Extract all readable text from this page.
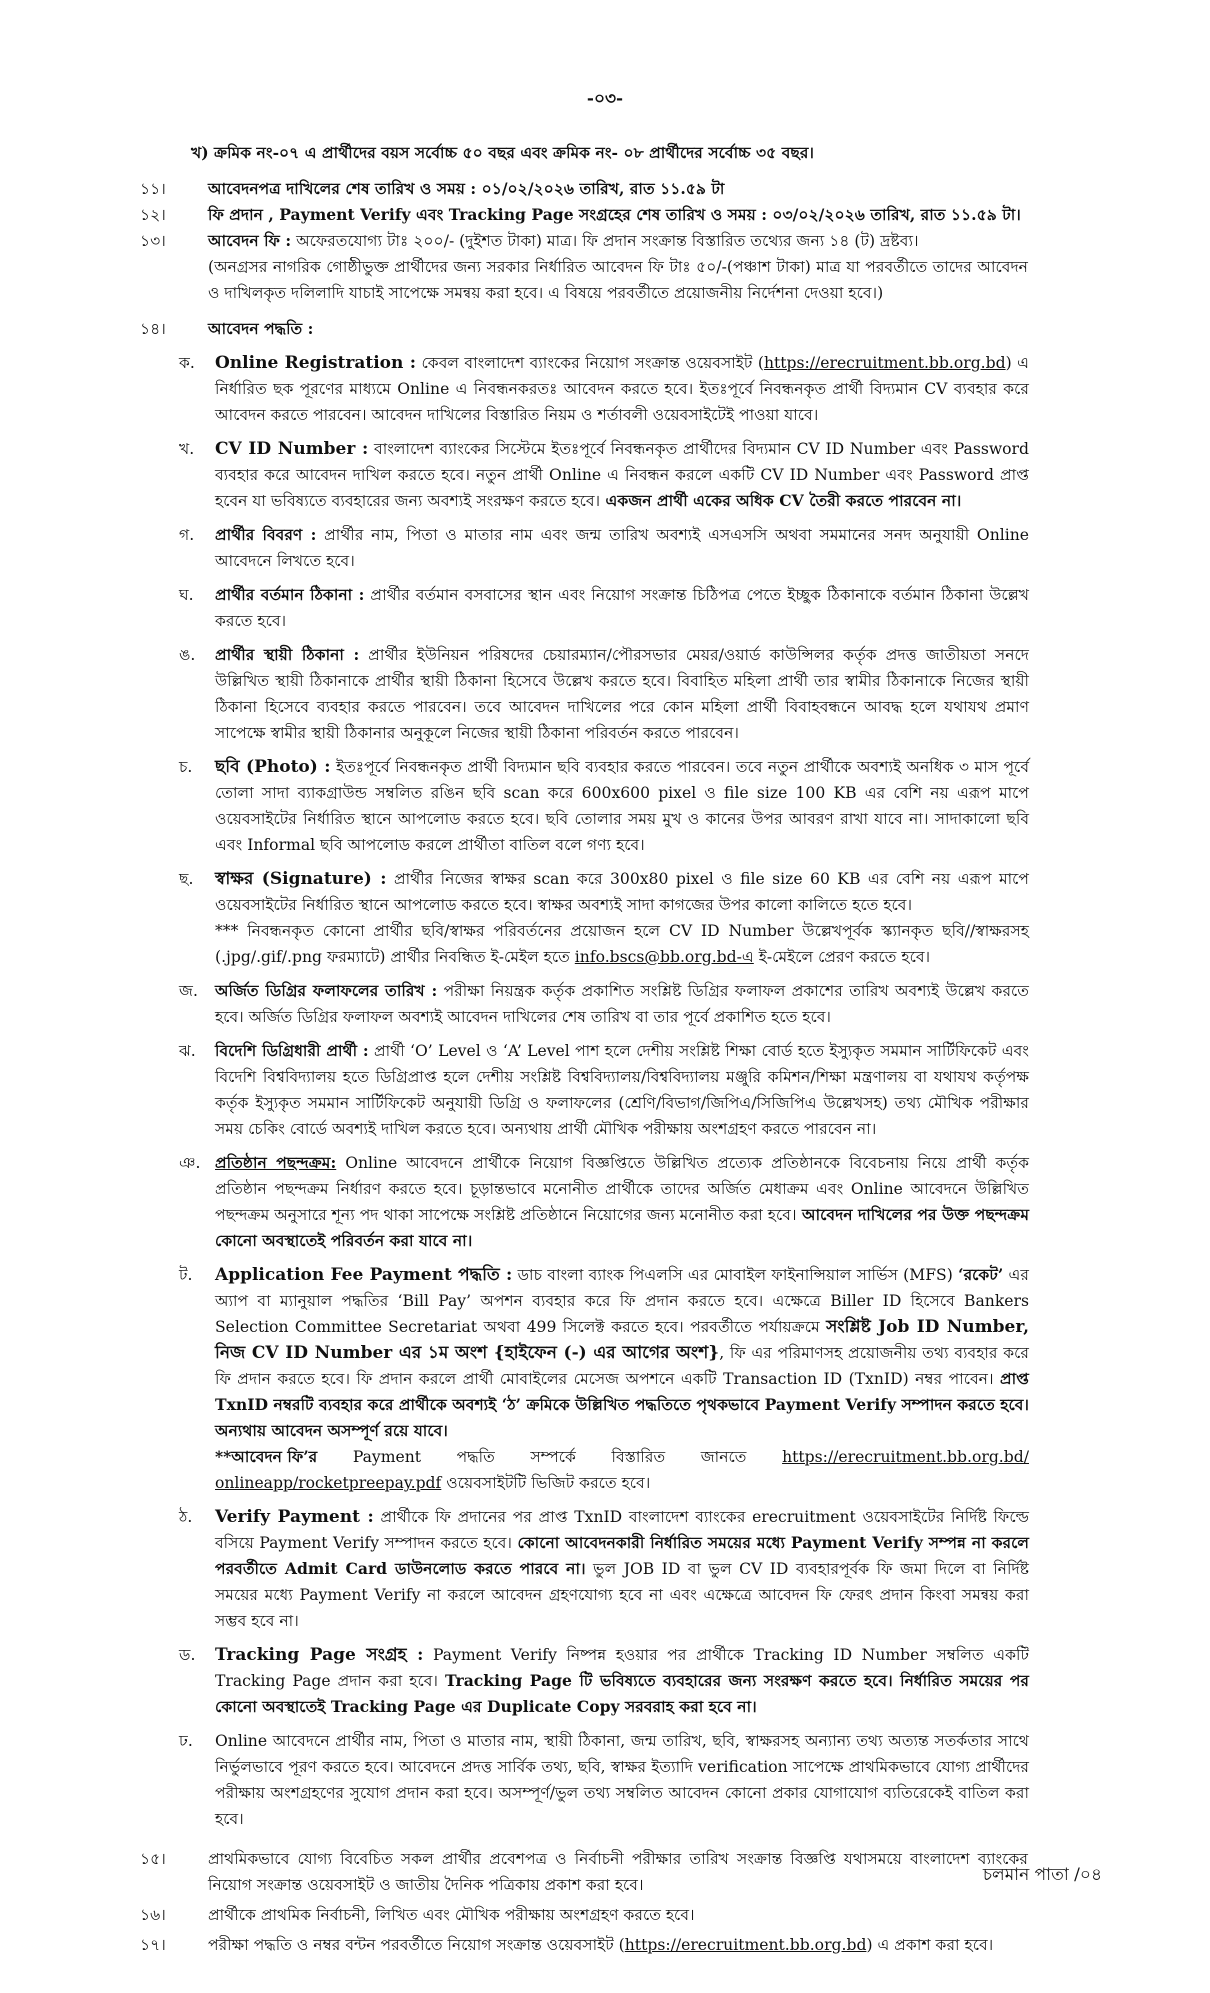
-০৩-
খ) ক্রমিক নং-০৭ এ প্রার্থীদের বয়স সর্বোচ্চ ৫০ বছর এবং ক্রমিক নং- ০৮ প্রার্থীদের সর্বোচ্চ ৩৫ বছর।
১১।	আবেদনপত্র দাখিলের শেষ তারিখ ও সময় : ০১/০২/২০২৬ তারিখ, রাত ১১.৫৯ টা
১২।	ফি প্রদান , Payment Verify এবং Tracking Page সংগ্রহের শেষ তারিখ ও সময় : ০৩/০২/২০২৬ তারিখ, রাত ১১.৫৯ টা।
১৩।	আবেদন ফি : অফেরতযোগ্য টাঃ ২০০/- (দুইশত টাকা) মাত্র। ফি প্রদান সংক্রান্ত বিস্তারিত তথ্যের জন্য ১৪ (ট) দ্রষ্টব্য।
(অনগ্রসর নাগরিক গোষ্ঠীভুক্ত প্রার্থীদের জন্য সরকার নির্ধারিত আবেদন ফি টাঃ ৫০/-(পঞ্চাশ টাকা) মাত্র যা পরবর্তীতে তাদের আবেদন ও দাখিলকৃত দলিলাদি যাচাই সাপেক্ষে সমন্বয় করা হবে। এ বিষয়ে পরবর্তীতে প্রয়োজনীয় নির্দেশনা দেওয়া হবে।)
১৪।	আবেদন পদ্ধতি :
ক.	Online Registration : কেবল বাংলাদেশ ব্যাংকের নিয়োগ সংক্রান্ত ওয়েবসাইট (https://erecruitment.bb.org.bd) এ নির্ধারিত ছক পূরণের মাধ্যমে Online এ নিবন্ধনকরতঃ আবেদন করতে হবে। ইতঃপূর্বে নিবন্ধনকৃত প্রার্থী বিদ্যমান CV ব্যবহার করে আবেদন করতে পারবেন। আবেদন দাখিলের বিস্তারিত নিয়ম ও শর্তাবলী ওয়েবসাইটেই পাওয়া যাবে।
খ.	CV ID Number : বাংলাদেশ ব্যাংকের সিস্টেমে ইতঃপূর্বে নিবন্ধনকৃত প্রার্থীদের বিদ্যমান CV ID Number এবং Password ব্যবহার করে আবেদন দাখিল করতে হবে। নতুন প্রার্থী Online এ নিবন্ধন করলে একটি CV ID Number এবং Password প্রাপ্ত হবেন যা ভবিষ্যতে ব্যবহারের জন্য অবশ্যই সংরক্ষণ করতে হবে। একজন প্রার্থী একের অধিক CV তৈরী করতে পারবেন না।
গ.	প্রার্থীর বিবরণ : প্রার্থীর নাম, পিতা ও মাতার নাম এবং জন্ম তারিখ অবশ্যই এসএসসি অথবা সমমানের সনদ অনুযায়ী Online আবেদনে লিখতে হবে।
ঘ.	প্রার্থীর বর্তমান ঠিকানা : প্রার্থীর বর্তমান বসবাসের স্থান এবং নিয়োগ সংক্রান্ত চিঠিপত্র পেতে ইচ্ছুক ঠিকানাকে বর্তমান ঠিকানা উল্লেখ করতে হবে।
ঙ.	প্রার্থীর স্থায়ী ঠিকানা : প্রার্থীর ইউনিয়ন পরিষদের চেয়ারম্যান/পৌরসভার মেয়র/ওয়ার্ড কাউন্সিলর কর্তৃক প্রদত্ত জাতীয়তা সনদে উল্লিখিত স্থায়ী ঠিকানাকে প্রার্থীর স্থায়ী ঠিকানা হিসেবে উল্লেখ করতে হবে। বিবাহিত মহিলা প্রার্থী তার স্বামীর ঠিকানাকে নিজের স্থায়ী ঠিকানা হিসেবে ব্যবহার করতে পারবেন। তবে আবেদন দাখিলের পরে কোন মহিলা প্রার্থী বিবাহবন্ধনে আবদ্ধ হলে যথাযথ প্রমাণ সাপেক্ষে স্বামীর স্থায়ী ঠিকানার অনুকূলে নিজের স্থায়ী ঠিকানা পরিবর্তন করতে পারবেন।
চ.	ছবি (Photo) : ইতঃপূর্বে নিবন্ধনকৃত প্রার্থী বিদ্যমান ছবি ব্যবহার করতে পারবেন। তবে নতুন প্রার্থীকে অবশ্যই অনধিক ৩ মাস পূর্বে তোলা সাদা ব্যাকগ্রাউন্ড সম্বলিত রঙিন ছবি scan করে 600x600 pixel ও file size 100 KB এর বেশি নয় এরূপ মাপে ওয়েবসাইটের নির্ধারিত স্থানে আপলোড করতে হবে। ছবি তোলার সময় মুখ ও কানের উপর আবরণ রাখা যাবে না। সাদাকালো ছবি এবং Informal ছবি আপলোড করলে প্রার্থীতা বাতিল বলে গণ্য হবে।
ছ.	স্বাক্ষর (Signature) : প্রার্থীর নিজের স্বাক্ষর scan করে 300x80 pixel ও file size 60 KB এর বেশি নয় এরূপ মাপে ওয়েবসাইটের নির্ধারিত স্থানে আপলোড করতে হবে। স্বাক্ষর অবশ্যই সাদা কাগজের উপর কালো কালিতে হতে হবে।
*** নিবন্ধনকৃত কোনো প্রার্থীর ছবি/স্বাক্ষর পরিবর্তনের প্রয়োজন হলে CV ID Number উল্লেখপূর্বক স্ক্যানকৃত ছবি//স্বাক্ষরসহ (.jpg/.gif/.png ফরম্যাটে) প্রার্থীর নিবন্ধিত ই-মেইল হতে info.bscs@bb.org.bd-এ ই-মেইলে প্রেরণ করতে হবে।
জ.	অর্জিত ডিগ্রির ফলাফলের তারিখ : পরীক্ষা নিয়ন্ত্রক কর্তৃক প্রকাশিত সংশ্লিষ্ট ডিগ্রির ফলাফল প্রকাশের তারিখ অবশ্যই উল্লেখ করতে হবে। অর্জিত ডিগ্রির ফলাফল অবশ্যই আবেদন দাখিলের শেষ তারিখ বা তার পূর্বে প্রকাশিত হতে হবে।
ঝ.	বিদেশি ডিগ্রিধারী প্রার্থী : প্রার্থী ‘O’ Level ও ‘A’ Level পাশ হলে দেশীয় সংশ্লিষ্ট শিক্ষা বোর্ড হতে ইস্যুকৃত সমমান সার্টিফিকেট এবং বিদেশি বিশ্ববিদ্যালয় হতে ডিগ্রিপ্রাপ্ত হলে দেশীয় সংশ্লিষ্ট বিশ্ববিদ্যালয়/বিশ্ববিদ্যালয় মঞ্জুরি কমিশন/শিক্ষা মন্ত্রণালয় বা যথাযথ কর্তৃপক্ষ কর্তৃক ইস্যুকৃত সমমান সার্টিফিকেট অনুযায়ী ডিগ্রি ও ফলাফলের (শ্রেণি/বিভাগ/জিপিএ/সিজিপিএ উল্লেখসহ) তথ্য মৌখিক পরীক্ষার সময় চেকিং বোর্ডে অবশ্যই দাখিল করতে হবে। অন্যথায় প্রার্থী মৌখিক পরীক্ষায় অংশগ্রহণ করতে পারবেন না।
ঞ. প্রতিষ্ঠান পছন্দক্রম: Online আবেদনে প্রার্থীকে নিয়োগ বিজ্ঞপ্তিতে উল্লিখিত প্রত্যেক প্রতিষ্ঠানকে বিবেচনায় নিয়ে প্রার্থী কর্তৃক প্রতিষ্ঠান পছন্দক্রম নির্ধারণ করতে হবে। চূড়ান্তভাবে মনোনীত প্রার্থীকে তাদের অর্জিত মেধাক্রম এবং Online আবেদনে উল্লিখিত পছন্দক্রম অনুসারে শূন্য পদ থাকা সাপেক্ষে সংশ্লিষ্ট প্রতিষ্ঠানে নিয়োগের জন্য মনোনীত করা হবে। আবেদন দাখিলের পর উক্ত পছন্দক্রম কোনো অবস্থাতেই পরিবর্তন করা যাবে না।
ট.	Application Fee Payment পদ্ধতি : ডাচ বাংলা ব্যাংক পিএলসি এর মোবাইল ফাইনান্সিয়াল সার্ভিস (MFS) ‘রকেট’ এর অ্যাপ বা ম্যানুয়াল পদ্ধতির ‘Bill Pay’ অপশন ব্যবহার করে ফি প্রদান করতে হবে। এক্ষেত্রে Biller ID হিসেবে Bankers Selection Committee Secretariat অথবা 499 সিলেক্ট করতে হবে। পরবর্তীতে পর্যায়ক্রমে সংশ্লিষ্ট Job ID Number, নিজ CV ID Number এর ১ম অংশ {হাইফেন (-) এর আগের অংশ}, ফি এর পরিমাণসহ প্রয়োজনীয় তথ্য ব্যবহার করে ফি প্রদান করতে হবে। ফি প্রদান করলে প্রার্থী মোবাইলের মেসেজ অপশনে একটি Transaction ID (TxnID) নম্বর পাবেন। প্রাপ্ত TxnID নম্বরটি ব্যবহার করে প্রার্থীকে অবশ্যই ‘ঠ’ ক্রমিকে উল্লিখিত পদ্ধতিতে পৃথকভাবে Payment Verify সম্পাদন করতে হবে। অন্যথায় আবেদন অসম্পূর্ণ রয়ে যাবে।
**আবেদন ফি’র Payment পদ্ধতি সম্পর্কে বিস্তারিত জানতে https://erecruitment.bb.org.bd/
onlineapp/rocketpreepay.pdf ওয়েবসাইটটি ভিজিট করতে হবে।
ঠ.	Verify Payment : প্রার্থীকে ফি প্রদানের পর প্রাপ্ত TxnID বাংলাদেশ ব্যাংকের erecruitment ওয়েবসাইটের নির্দিষ্ট ফিল্ডে বসিয়ে Payment Verify সম্পাদন করতে হবে। কোনো আবেদনকারী নির্ধারিত সময়ের মধ্যে Payment Verify সম্পন্ন না করলে পরবর্তীতে Admit Card ডাউনলোড করতে পারবে না। ভুল JOB ID বা ভুল CV ID ব্যবহারপূর্বক ফি জমা দিলে বা নির্দিষ্ট সময়ের মধ্যে Payment Verify না করলে আবেদন গ্রহণযোগ্য হবে না এবং এক্ষেত্রে আবেদন ফি ফেরৎ প্রদান কিংবা সমন্বয় করা সম্ভব হবে না।
ড.	Tracking Page সংগ্রহ : Payment Verify নিষ্পন্ন হওয়ার পর প্রার্থীকে Tracking ID Number সম্বলিত একটি Tracking Page প্রদান করা হবে। Tracking Page টি ভবিষ্যতে ব্যবহারের জন্য সংরক্ষণ করতে হবে। নির্ধারিত সময়ের পর কোনো অবস্থাতেই Tracking Page এর Duplicate Copy সরবরাহ করা হবে না।
ঢ.	Online আবেদনে প্রার্থীর নাম, পিতা ও মাতার নাম, স্থায়ী ঠিকানা, জন্ম তারিখ, ছবি, স্বাক্ষরসহ অন্যান্য তথ্য অত্যন্ত সতর্কতার সাথে নির্ভুলভাবে পূরণ করতে হবে। আবেদনে প্রদত্ত সার্বিক তথ্য, ছবি, স্বাক্ষর ইত্যাদি verification সাপেক্ষে প্রাথমিকভাবে যোগ্য প্রার্থীদের পরীক্ষায় অংশগ্রহণের সুযোগ প্রদান করা হবে। অসম্পূর্ণ/ভুল তথ্য সম্বলিত আবেদন কোনো প্রকার যোগাযোগ ব্যতিরেকেই বাতিল করা হবে।
১৫।	প্রাথমিকভাবে যোগ্য বিবেচিত সকল প্রার্থীর প্রবেশপত্র ও নির্বাচনী পরীক্ষার তারিখ সংক্রান্ত বিজ্ঞপ্তি যথাসময়ে বাংলাদেশ ব্যাংকের নিয়োগ সংক্রান্ত ওয়েবসাইট ও জাতীয় দৈনিক পত্রিকায় প্রকাশ করা হবে।
১৬।	প্রার্থীকে প্রাথমিক নির্বাচনী, লিখিত এবং মৌখিক পরীক্ষায় অংশগ্রহণ করতে হবে।
১৭।	পরীক্ষা পদ্ধতি ও নম্বর বন্টন পরবর্তীতে নিয়োগ সংক্রান্ত ওয়েবসাইট (https://erecruitment.bb.org.bd) এ প্রকাশ করা হবে।
চলমান পাতা /০৪
